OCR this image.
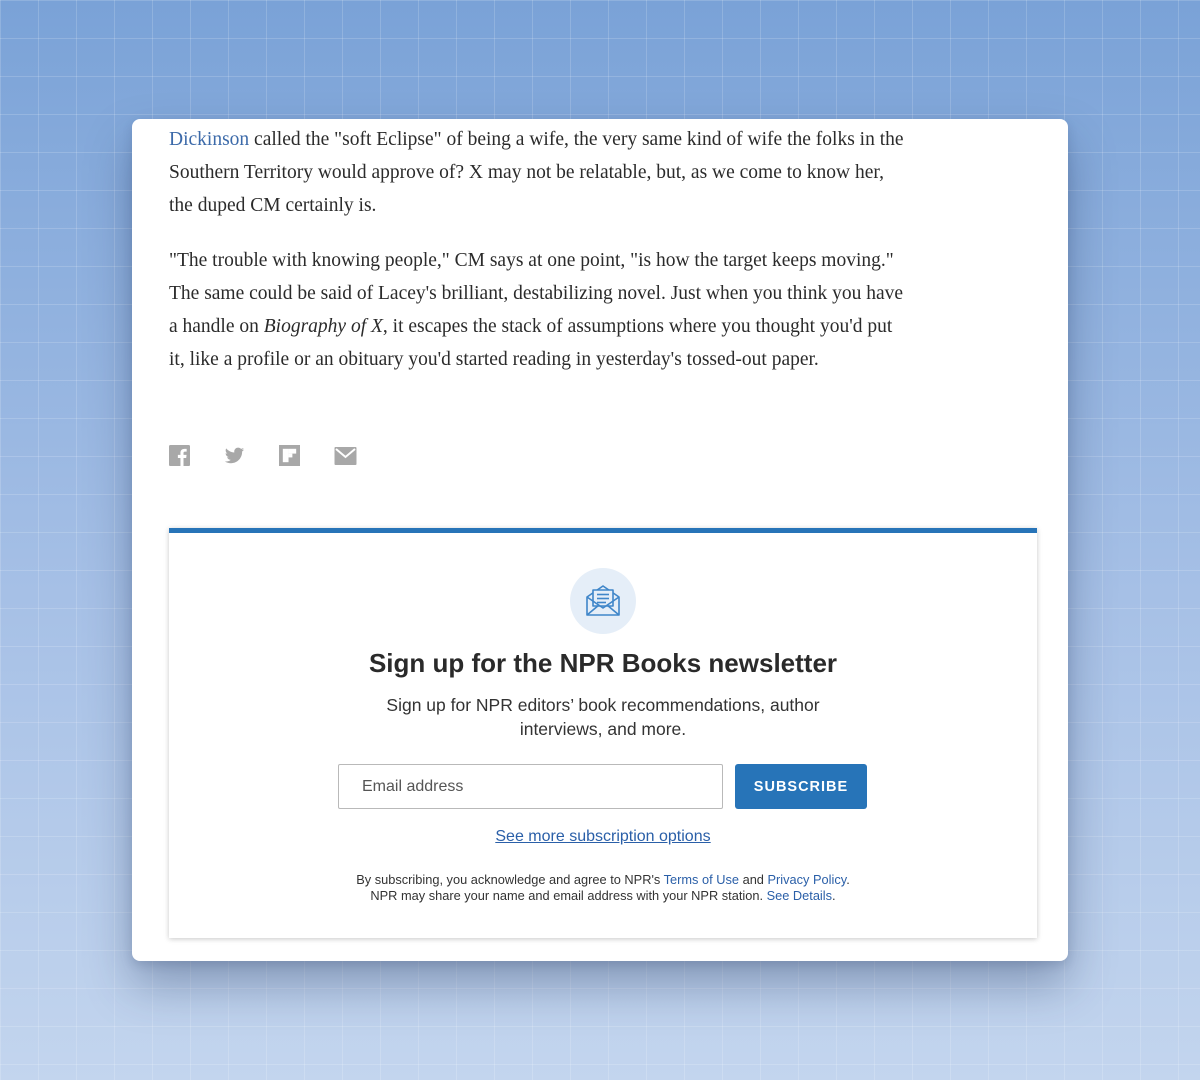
Dickinson called the "soft Eclipse" of being a wife, the very same kind of wife the folks in the Southern Territory would approve of? X may not be relatable, but, as we come to know her, the duped CM certainly is.

"The trouble with knowing people," CM says at one point, "is how the target keeps moving." The same could be said of Lacey's brilliant, destabilizing novel. Just when you think you have a handle on Biography of X, it escapes the stack of assumptions where you thought you'd put it, like a profile or an obituary you'd started reading in yesterday's tossed-out paper.

Sign up for the NPR Books newsletter

Sign up for NPR editors’ book recommendations, author interviews, and more.

Email address
SUBSCRIBE
See more subscription options
By subscribing, you acknowledge and agree to NPR's Terms of Use and Privacy Policy.
NPR may share your name and email address with your NPR station. See Details.
